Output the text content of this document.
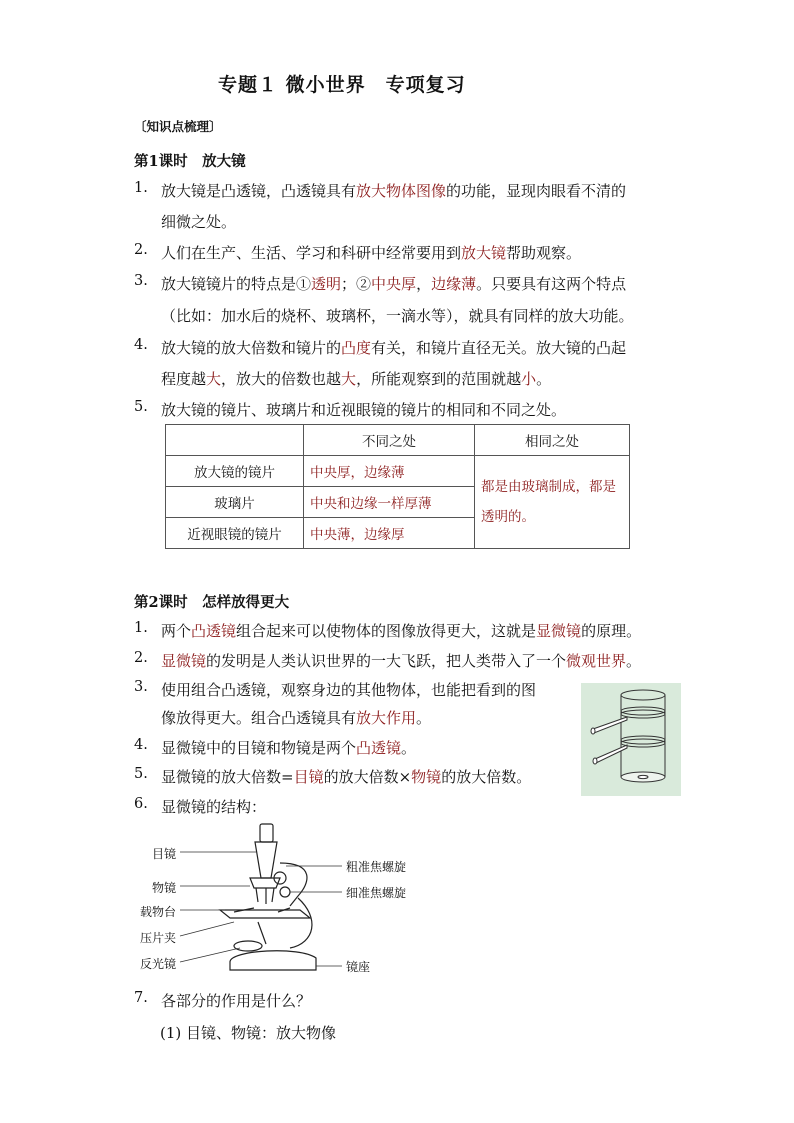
专题１ 微小世界　专项复习
〔知识点梳理〕
第1课时　放大镜
1. 放大镜是凸透镜，凸透镜具有放大物体图像的功能，显现肉眼看不清的
细微之处。
2. 人们在生产、生活、学习和科研中经常要用到放大镜帮助观察。
3. 放大镜镜片的特点是①透明；②中央厚，边缘薄。只要具有这两个特点
（比如：加水后的烧杯、玻璃杯，一滴水等），就具有同样的放大功能。
4. 放大镜的放大倍数和镜片的凸度有关，和镜片直径无关。放大镜的凸起
程度越大，放大的倍数也越大，所能观察到的范围就越小。
5. 放大镜的镜片、玻璃片和近视眼镜的镜片的相同和不同之处。
	不同之处	相同之处
放大镜的镜片	中央厚，边缘薄	都是由玻璃制成，都是透明的。
玻璃片	中央和边缘一样厚薄	
近视眼镜的镜片	中央薄，边缘厚	
第2课时　怎样放得更大
1. 两个凸透镜组合起来可以使物体的图像放得更大，这就是显微镜的原理。
2. 显微镜的发明是人类认识世界的一大飞跃，把人类带入了一个微观世界。
3. 使用组合凸透镜，观察身边的其他物体，也能把看到的图
像放得更大。组合凸透镜具有放大作用。
4. 显微镜中的目镜和物镜是两个凸透镜。
5. 显微镜的放大倍数=目镜的放大倍数×物镜的放大倍数。
6. 显微镜的结构：
7. 各部分的作用是什么？
目镜
物镜
载物台
压片夹
反光镜
粗准焦螺旋
细准焦螺旋
镜座
(1) 目镜、物镜：放大物像
